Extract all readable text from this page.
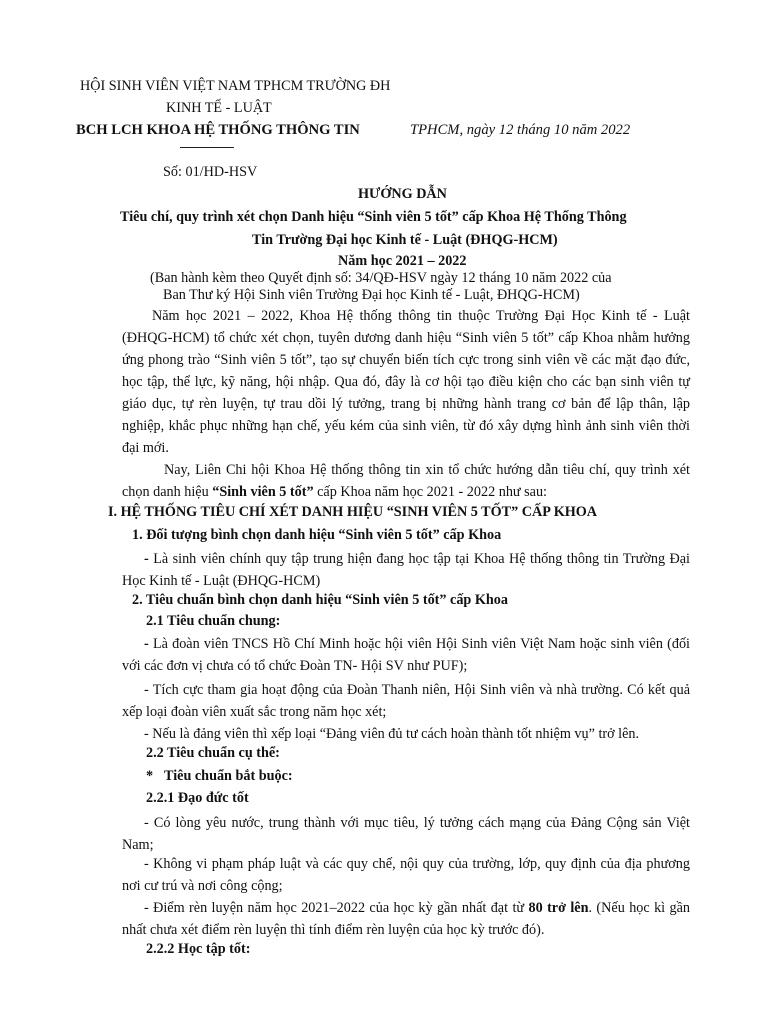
HỘI SINH VIÊN VIỆT NAM TPHCM TRƯỜNG ĐH
KINH TẾ - LUẬT
BCH LCH KHOA HỆ THỐNG THÔNG TIN	TPHCM, ngày 12 tháng 10 năm 2022
Số: 01/HD-HSV
HƯỚNG DẪN
Tiêu chí, quy trình xét chọn Danh hiệu “Sinh viên 5 tốt” cấp Khoa Hệ Thống Thông
Tin Trường Đại học Kinh tế - Luật (ĐHQG-HCM)
Năm học 2021 – 2022
(Ban hành kèm theo Quyết định số: 34/QĐ-HSV ngày 12 tháng 10 năm 2022 của
Ban Thư ký Hội Sinh viên Trường Đại học Kinh tế - Luật, ĐHQG-HCM)
Năm học 2021 – 2022, Khoa Hệ thống thông tin thuộc Trường Đại Học Kinh tế - Luật (ĐHQG-HCM) tổ chức xét chọn, tuyên dương danh hiệu “Sinh viên 5 tốt” cấp Khoa nhằm hưởng ứng phong trào “Sinh viên 5 tốt”, tạo sự chuyển biến tích cực trong sinh viên về các mặt đạo đức, học tập, thể lực, kỹ năng, hội nhập. Qua đó, đây là cơ hội tạo điều kiện cho các bạn sinh viên tự giáo dục, tự rèn luyện, tự trau dồi lý tưởng, trang bị những hành trang cơ bản để lập thân, lập nghiệp, khắc phục những hạn chế, yếu kém của sinh viên, từ đó xây dựng hình ảnh sinh viên thời đại mới.
Nay, Liên Chi hội Khoa Hệ thống thông tin xin tổ chức hướng dẫn tiêu chí, quy trình xét chọn danh hiệu “Sinh viên 5 tốt” cấp Khoa năm học 2021 - 2022 như sau:
I. HỆ THỐNG TIÊU CHÍ XÉT DANH HIỆU “SINH VIÊN 5 TỐT” CẤP KHOA
1. Đối tượng bình chọn danh hiệu “Sinh viên 5 tốt” cấp Khoa
- Là sinh viên chính quy tập trung hiện đang học tập tại Khoa Hệ thống thông tin Trường Đại Học Kinh tế - Luật (ĐHQG-HCM)
2. Tiêu chuẩn bình chọn danh hiệu “Sinh viên 5 tốt” cấp Khoa
2.1 Tiêu chuẩn chung:
- Là đoàn viên TNCS Hồ Chí Minh hoặc hội viên Hội Sinh viên Việt Nam hoặc sinh viên (đối với các đơn vị chưa có tổ chức Đoàn TN- Hội SV như PUF);
- Tích cực tham gia hoạt động của Đoàn Thanh niên, Hội Sinh viên và nhà trường. Có kết quả xếp loại đoàn viên xuất sắc trong năm học xét;
- Nếu là đảng viên thì xếp loại “Đảng viên đủ tư cách hoàn thành tốt nhiệm vụ” trở lên.
2.2 Tiêu chuẩn cụ thể:
* Tiêu chuẩn bắt buộc:
2.2.1 Đạo đức tốt
- Có lòng yêu nước, trung thành với mục tiêu, lý tưởng cách mạng của Đảng Cộng sản Việt Nam;
- Không vi phạm pháp luật và các quy chế, nội quy của trường, lớp, quy định của địa phương nơi cư trú và nơi công cộng;
- Điểm rèn luyện năm học 2021–2022 của học kỳ gần nhất đạt từ 80 trở lên. (Nếu học kì gần nhất chưa xét điểm rèn luyện thì tính điểm rèn luyện của học kỳ trước đó).
2.2.2 Học tập tốt:
